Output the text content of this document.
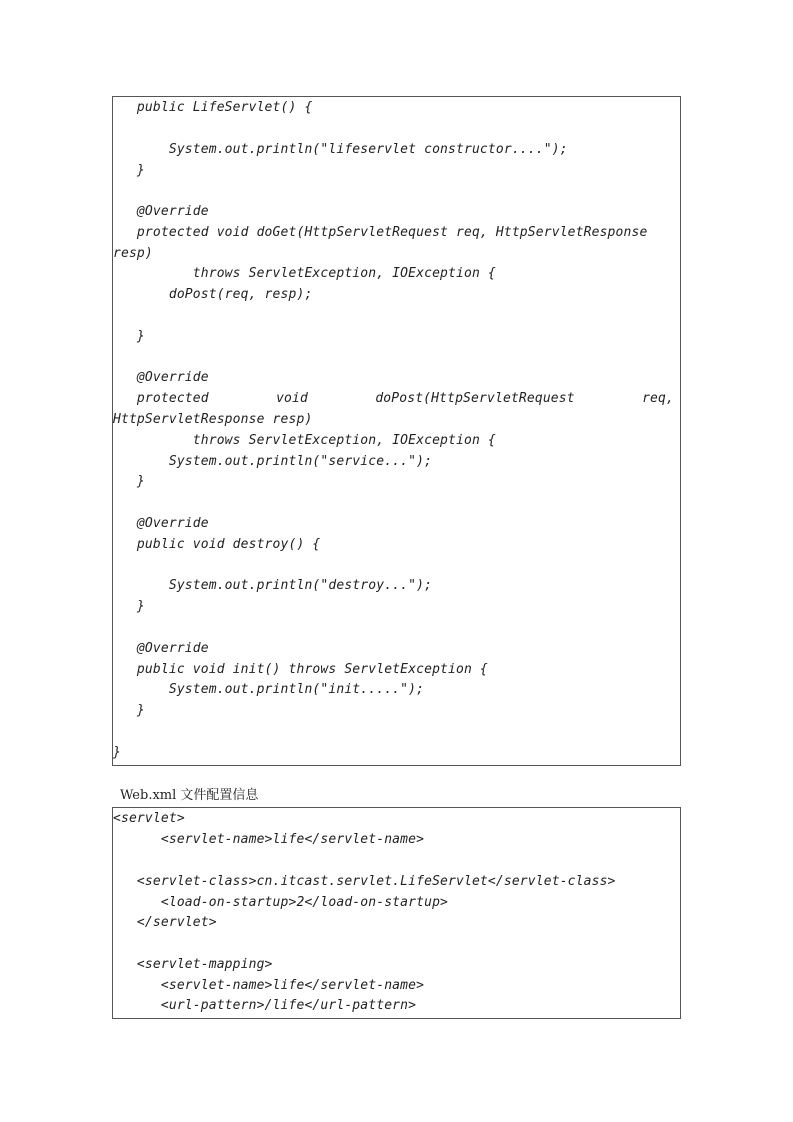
public LifeServlet() {
System.out.println("lifeservlet constructor....");
}
@Override
protected void doGet(HttpServletRequest req, HttpServletResponse
resp)
throws ServletException, IOException {
doPost(req, resp);
}
@Override
protected	void	doPost(HttpServletRequest	req,
HttpServletResponse resp)
throws ServletException, IOException {
System.out.println("service...");
}
@Override
public void destroy() {
System.out.println("destroy...");
}
@Override
public void init() throws ServletException {
System.out.println("init.....");
}
}
Web.xml 文件配置信息
<servlet>
<servlet-name>life</servlet-name>
<servlet-class>cn.itcast.servlet.LifeServlet</servlet-class>
<load-on-startup>2</load-on-startup>
</servlet>
<servlet-mapping>
<servlet-name>life</servlet-name>
<url-pattern>/life</url-pattern>
